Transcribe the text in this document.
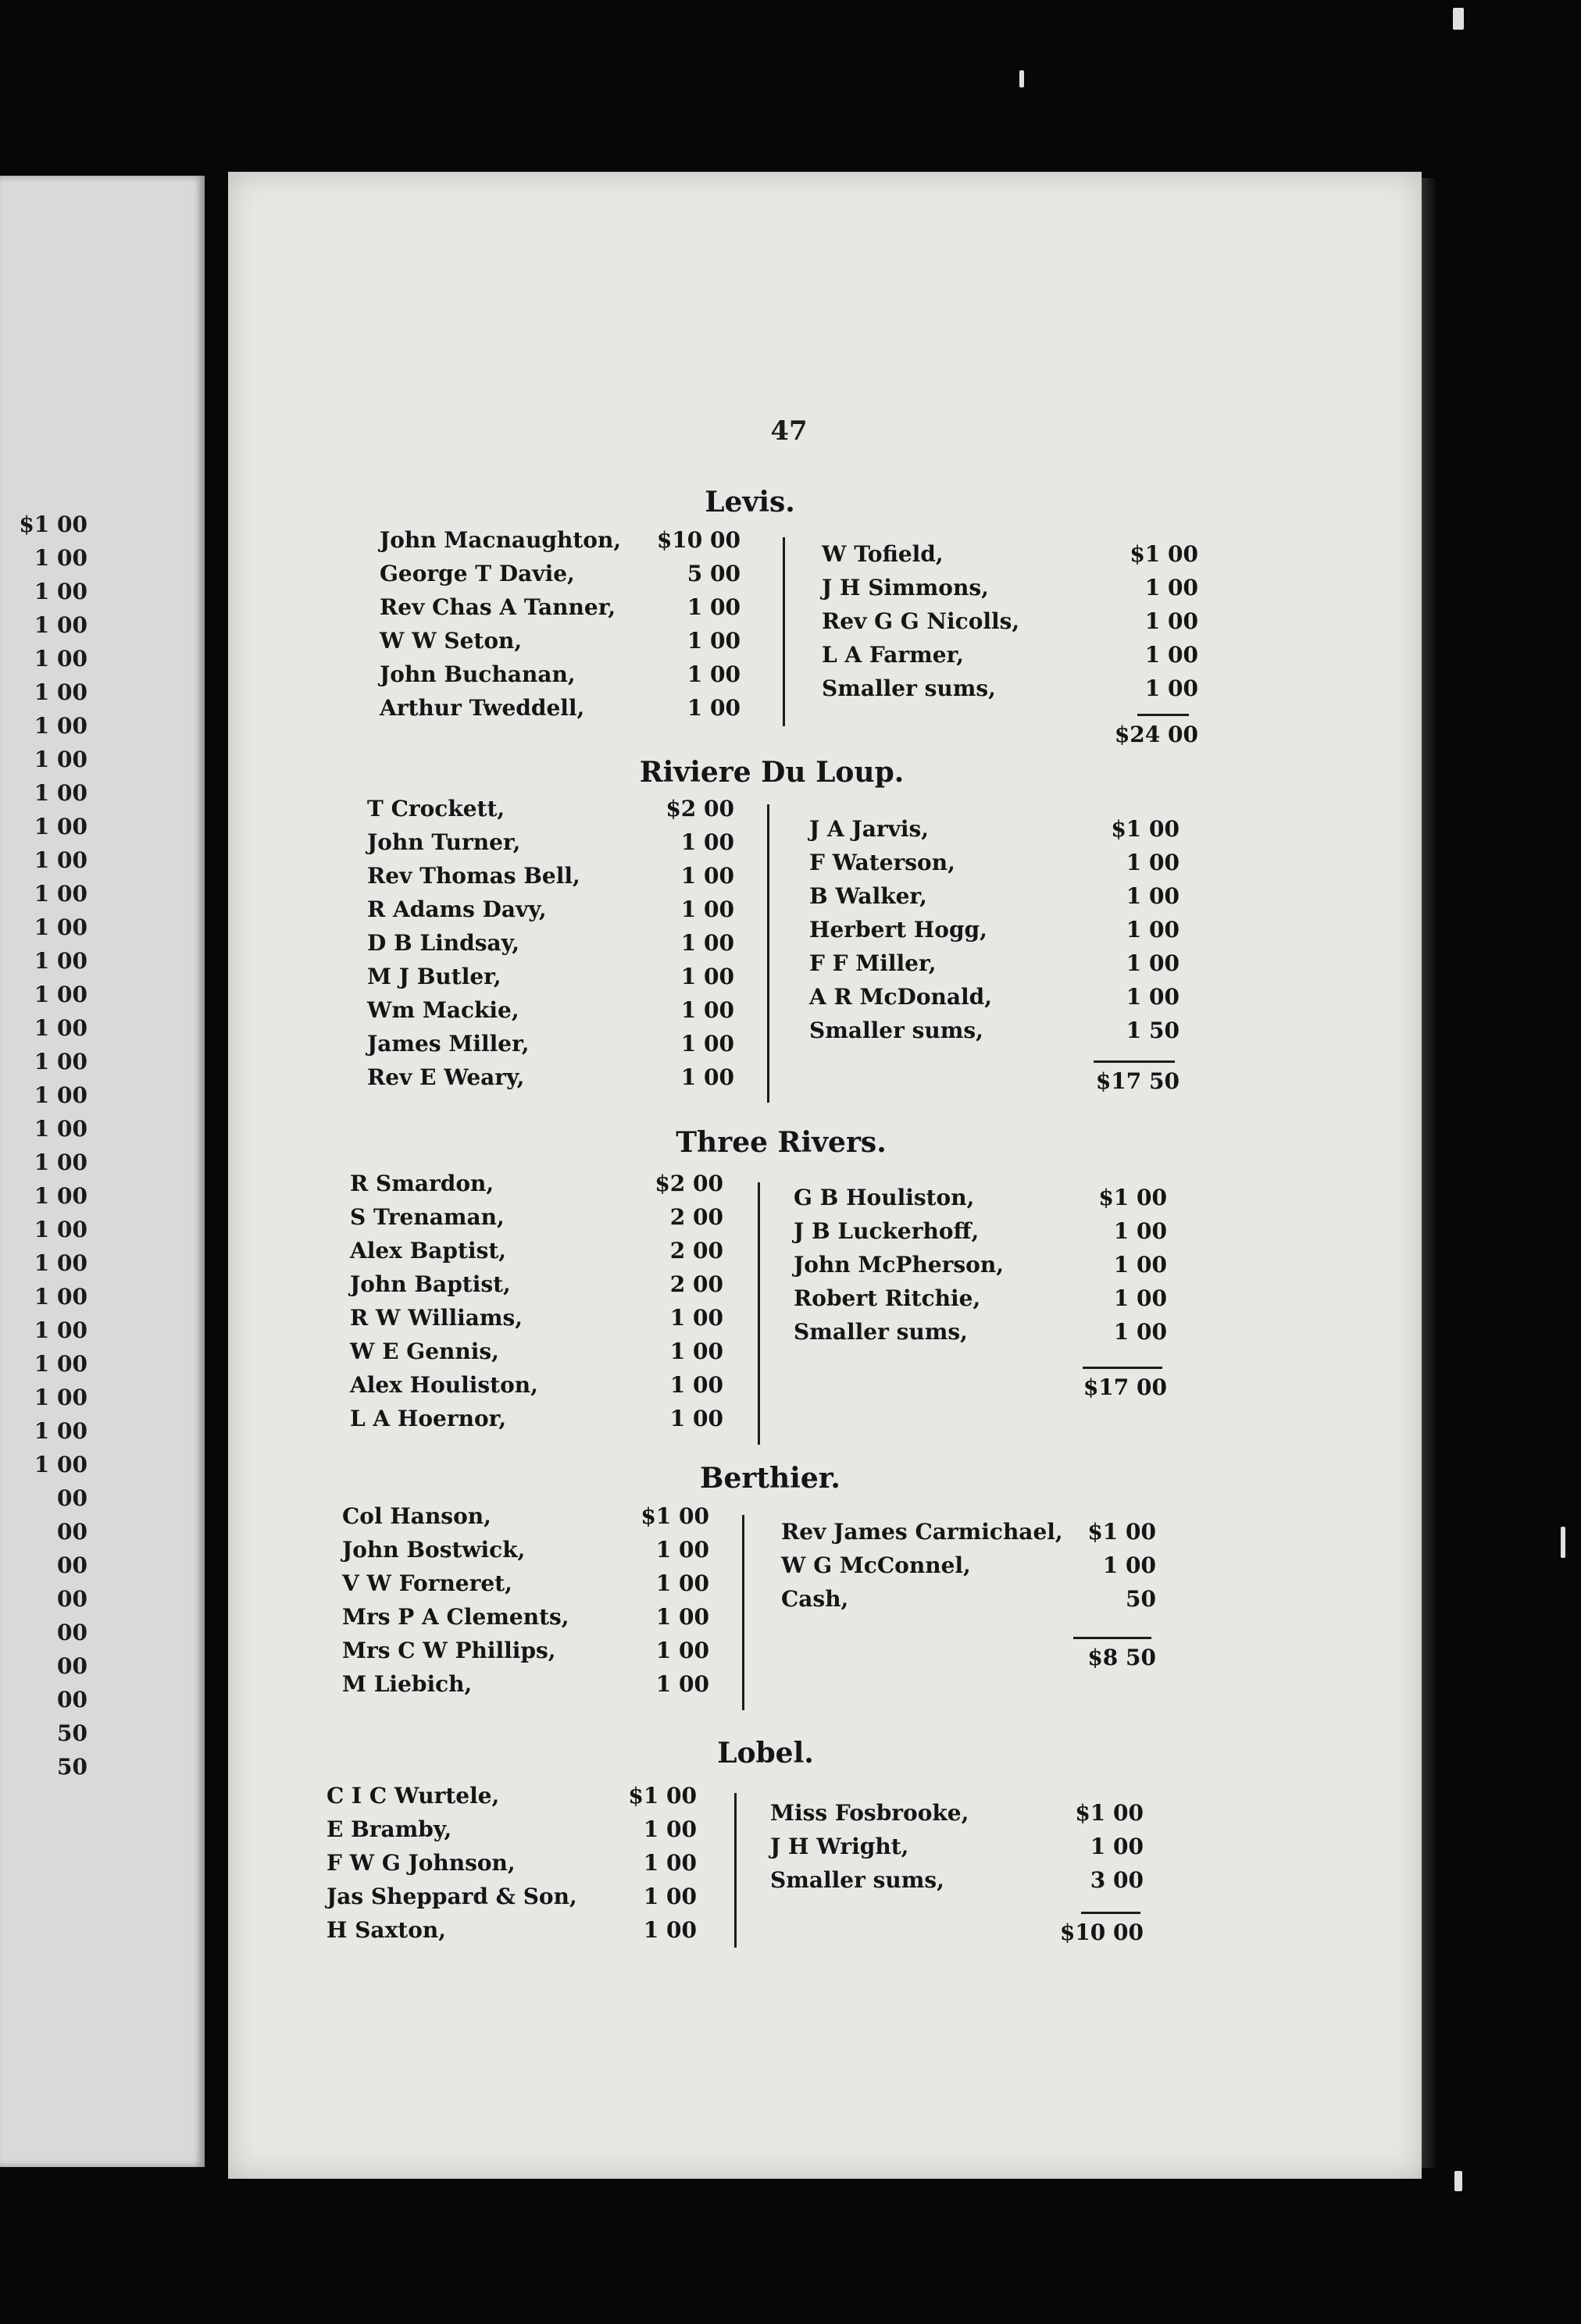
$1 00
1 00
1 00
1 00
1 00
1 00
1 00
1 00
1 00
1 00
1 00
1 00
1 00
1 00
1 00
1 00
1 00
1 00
1 00
1 00
1 00
1 00
1 00
1 00
1 00
1 00
1 00
1 00
1 00
00
00
00
00
00
00
00
50
50
47
Levis.
John Macnaughton,	$10 00
George T Davie,	5 00
Rev Chas A Tanner,	1 00
W W Seton,	1 00
John Buchanan,	1 00
Arthur Tweddell,	1 00
W Tofield,	$1 00
J H Simmons,	1 00
Rev G G Nicolls,	1 00
L A Farmer,	1 00
Smaller sums,	1 00
$24 00
Riviere Du Loup.
T Crockett,	$2 00
John Turner,	1 00
Rev Thomas Bell,	1 00
R Adams Davy,	1 00
D B Lindsay,	1 00
M J Butler,	1 00
Wm Mackie,	1 00
James Miller,	1 00
Rev E Weary,	1 00
J A Jarvis,	$1 00
F Waterson,	1 00
B Walker,	1 00
Herbert Hogg,	1 00
F F Miller,	1 00
A R McDonald,	1 00
Smaller sums,	1 50
$17 50
Three Rivers.
R Smardon,	$2 00
S Trenaman,	2 00
Alex Baptist,	2 00
John Baptist,	2 00
R W Williams,	1 00
W E Gennis,	1 00
Alex Houliston,	1 00
L A Hoernor,	1 00
G B Houliston,	$1 00
J B Luckerhoff,	1 00
John McPherson,	1 00
Robert Ritchie,	1 00
Smaller sums,	1 00
$17 00
Berthier.
Col Hanson,	$1 00
John Bostwick,	1 00
V W Forneret,	1 00
Mrs P A Clements,	1 00
Mrs C W Phillips,	1 00
M Liebich,	1 00
Rev James Carmichael,	$1 00
W G McConnel,	1 00
Cash,	50
$8 50
Lobel.
C I C Wurtele,	$1 00
E Bramby,	1 00
F W G Johnson,	1 00
Jas Sheppard & Son,	1 00
H Saxton,	1 00
Miss Fosbrooke,	$1 00
J H Wright,	1 00
Smaller sums,	3 00
$10 00
